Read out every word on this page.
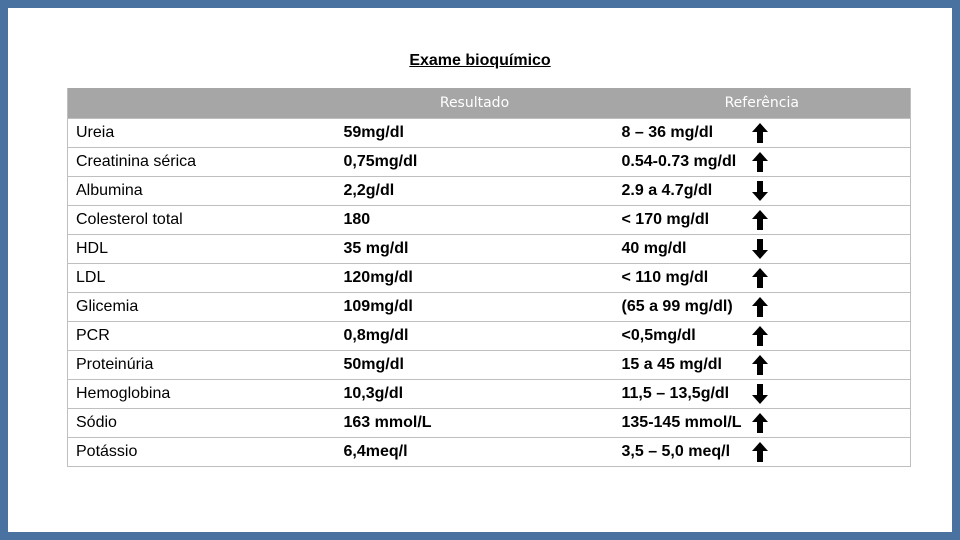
Exame bioquímico
	Resultado	Referência
Ureia	59mg/dl	8 – 36 mg/dl

Creatinina sérica	0,75mg/dl	0.54-0.73 mg/dl

Albumina	2,2g/dl	2.9 a 4.7g/dl

Colesterol total	180	< 170 mg/dl

HDL	35 mg/dl	40 mg/dl

LDL	120mg/dl	< 110 mg/dl

Glicemia	109mg/dl	(65 a 99 mg/dl)

PCR	0,8mg/dl	<0,5mg/dl

Proteinúria	50mg/dl	15 a 45 mg/dl

Hemoglobina	10,3g/dl	11,5 – 13,5g/dl

Sódio	163 mmol/L	135-145 mmol/L

Potássio	6,4meq/l	3,5 – 5,0 meq/l
